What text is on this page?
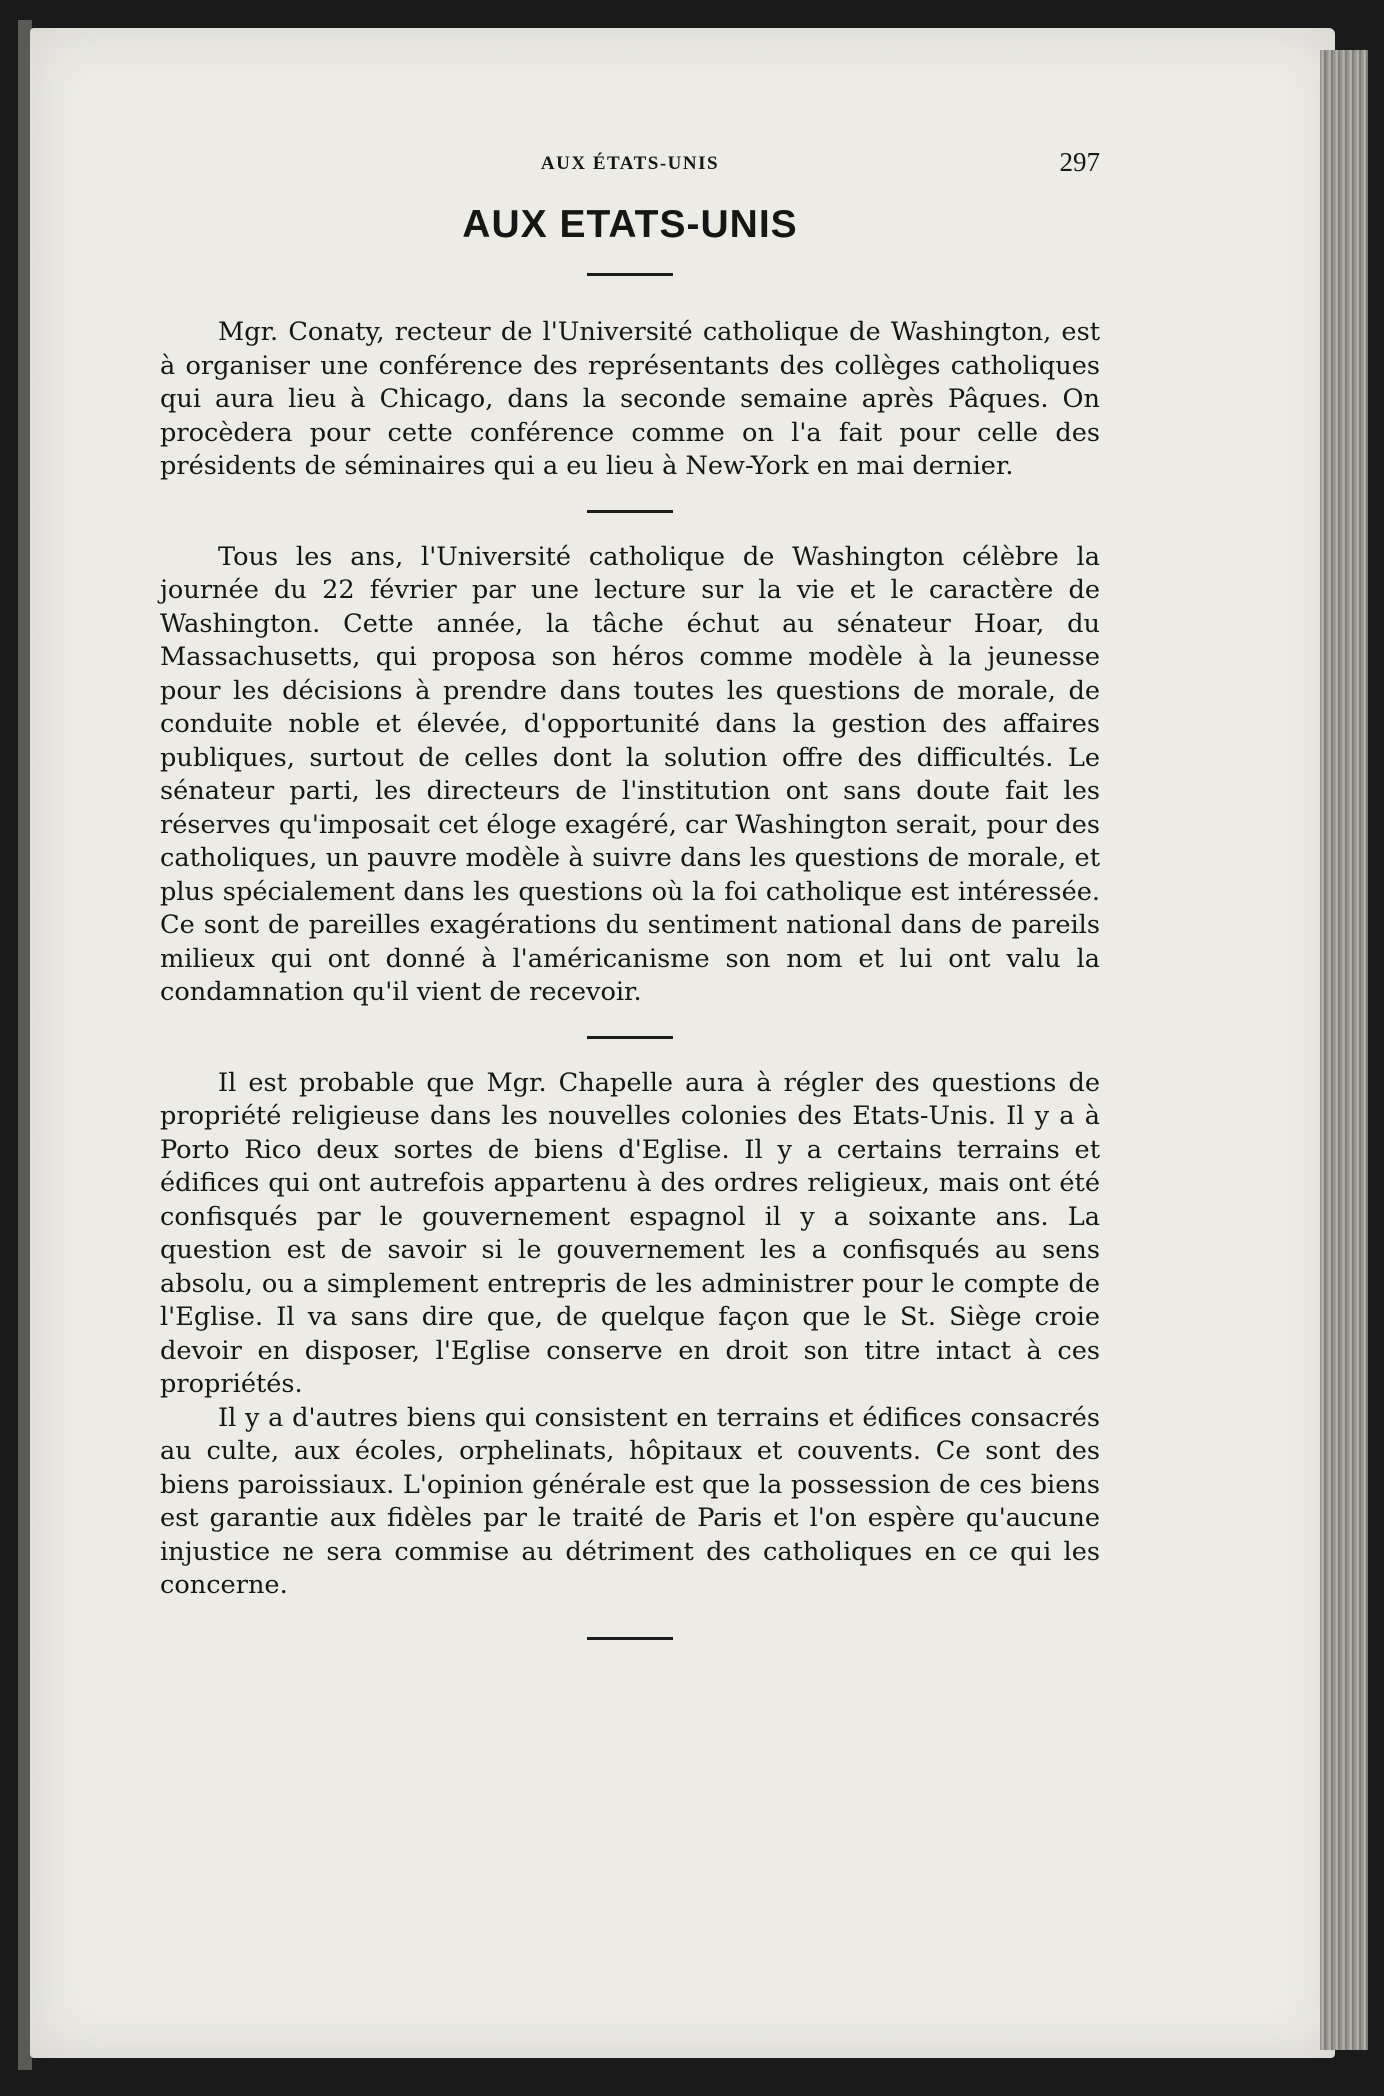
AUX ÉTATS-UNIS	297
AUX ETATS-UNIS

Mgr. Conaty, recteur de l'Université catholique de Washington, est à organiser une conférence des représentants des collèges catholiques qui aura lieu à Chicago, dans la seconde semaine après Pâques. On procèdera pour cette conférence comme on l'a fait pour celle des présidents de séminaires qui a eu lieu à New-York en mai dernier.

Tous les ans, l'Université catholique de Washington célèbre la journée du 22 février par une lecture sur la vie et le caractère de Washington. Cette année, la tâche échut au sénateur Hoar, du Massachusetts, qui proposa son héros comme modèle à la jeunesse pour les décisions à prendre dans toutes les questions de morale, de conduite noble et élevée, d'opportunité dans la gestion des affaires publiques, surtout de celles dont la solution offre des difficultés. Le sénateur parti, les directeurs de l'institution ont sans doute fait les réserves qu'imposait cet éloge exagéré, car Washington serait, pour des catholiques, un pauvre modèle à suivre dans les questions de morale, et plus spécialement dans les questions où la foi catholique est intéressée. Ce sont de pareilles exagérations du sentiment national dans de pareils milieux qui ont donné à l'américanisme son nom et lui ont valu la condamnation qu'il vient de recevoir.

Il est probable que Mgr. Chapelle aura à régler des questions de propriété religieuse dans les nouvelles colonies des Etats-Unis. Il y a à Porto Rico deux sortes de biens d'Eglise. Il y a certains terrains et édifices qui ont autrefois appartenu à des ordres religieux, mais ont été confisqués par le gouvernement espagnol il y a soixante ans. La question est de savoir si le gouvernement les a confisqués au sens absolu, ou a simplement entrepris de les administrer pour le compte de l'Eglise. Il va sans dire que, de quelque façon que le St. Siège croie devoir en disposer, l'Eglise conserve en droit son titre intact à ces propriétés.

Il y a d'autres biens qui consistent en terrains et édifices consacrés au culte, aux écoles, orphelinats, hôpitaux et couvents. Ce sont des biens paroissiaux. L'opinion générale est que la possession de ces biens est garantie aux fidèles par le traité de Paris et l'on espère qu'aucune injustice ne sera commise au détriment des catholiques en ce qui les concerne.
